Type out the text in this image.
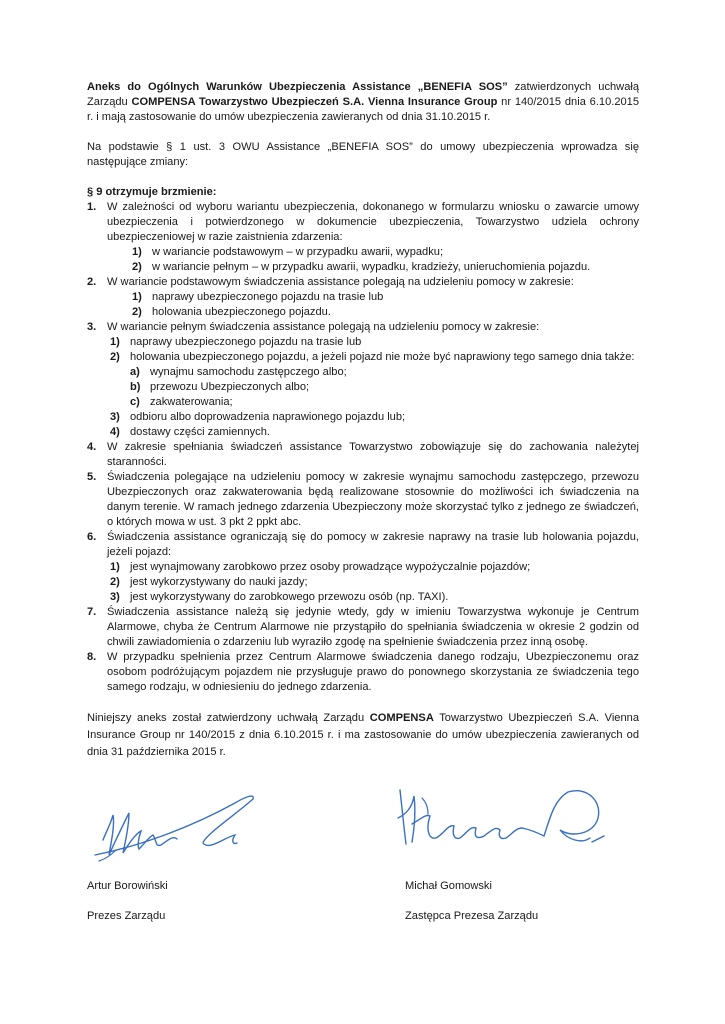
Aneks do Ogólnych Warunków Ubezpieczenia Assistance „BENEFIA SOS” zatwierdzonych uchwałą Zarządu COMPENSA Towarzystwo Ubezpieczeń S.A. Vienna Insurance Group nr 140/2015 dnia 6.10.2015 r. i mają zastosowanie do umów ubezpieczenia zawieranych od dnia 31.10.2015 r.

Na podstawie § 1 ust. 3 OWU Assistance „BENEFIA SOS” do umowy ubezpieczenia wprowadza się następujące zmiany:

§ 9 otrzymuje brzmienie:
1. W zależności od wyboru wariantu ubezpieczenia, dokonanego w formularzu wniosku o zawarcie umowy ubezpieczenia i potwierdzonego w dokumencie ubezpieczenia, Towarzystwo udziela ochrony ubezpieczeniowej w razie zaistnienia zdarzenia:
1) w wariancie podstawowym – w przypadku awarii, wypadku;
2) w wariancie pełnym – w przypadku awarii, wypadku, kradzieży, unieruchomienia pojazdu.
2. W wariancie podstawowym świadczenia assistance polegają na udzieleniu pomocy w zakresie:
1) naprawy ubezpieczonego pojazdu na trasie lub
2) holowania ubezpieczonego pojazdu.
3. W wariancie pełnym świadczenia assistance polegają na udzieleniu pomocy w zakresie:
1) naprawy ubezpieczonego pojazdu na trasie lub
2) holowania ubezpieczonego pojazdu, a jeżeli pojazd nie może być naprawiony tego samego dnia także:
a) wynajmu samochodu zastępczego albo;
b) przewozu Ubezpieczonych albo;
c) zakwaterowania;
3) odbioru albo doprowadzenia naprawionego pojazdu lub;
4) dostawy części zamiennych.
4. W zakresie spełniania świadczeń assistance Towarzystwo zobowiązuje się do zachowania należytej staranności.
5. Świadczenia polegające na udzieleniu pomocy w zakresie wynajmu samochodu zastępczego, przewozu Ubezpieczonych oraz zakwaterowania będą realizowane stosownie do możliwości ich świadczenia na danym terenie. W ramach jednego zdarzenia Ubezpieczony może skorzystać tylko z jednego ze świadczeń, o których mowa w ust. 3 pkt 2 ppkt abc.
6. Świadczenia assistance ograniczają się do pomocy w zakresie naprawy na trasie lub holowania pojazdu, jeżeli pojazd:
1) jest wynajmowany zarobkowo przez osoby prowadzące wypożyczalnie pojazdów;
2) jest wykorzystywany do nauki jazdy;
3) jest wykorzystywany do zarobkowego przewozu osób (np. TAXI).
7. Świadczenia assistance należą się jedynie wtedy, gdy w imieniu Towarzystwa wykonuje je Centrum Alarmowe, chyba że Centrum Alarmowe nie przystąpiło do spełniania świadczenia w okresie 2 godzin od chwili zawiadomienia o zdarzeniu lub wyraziło zgodę na spełnienie świadczenia przez inną osobę.
8. W przypadku spełnienia przez Centrum Alarmowe świadczenia danego rodzaju, Ubezpieczonemu oraz osobom podróżującym pojazdem nie przysługuje prawo do ponownego skorzystania ze świadczenia tego samego rodzaju, w odniesieniu do jednego zdarzenia.

Niniejszy aneks został zatwierdzony uchwałą Zarządu COMPENSA Towarzystwo Ubezpieczeń S.A. Vienna Insurance Group nr 140/2015 z dnia 6.10.2015 r. i ma zastosowanie do umów ubezpieczenia zawieranych od dnia 31 października 2015 r.

Artur Borowiński
Prezes Zarządu
Michał Gomowski
Zastępca Prezesa Zarządu
